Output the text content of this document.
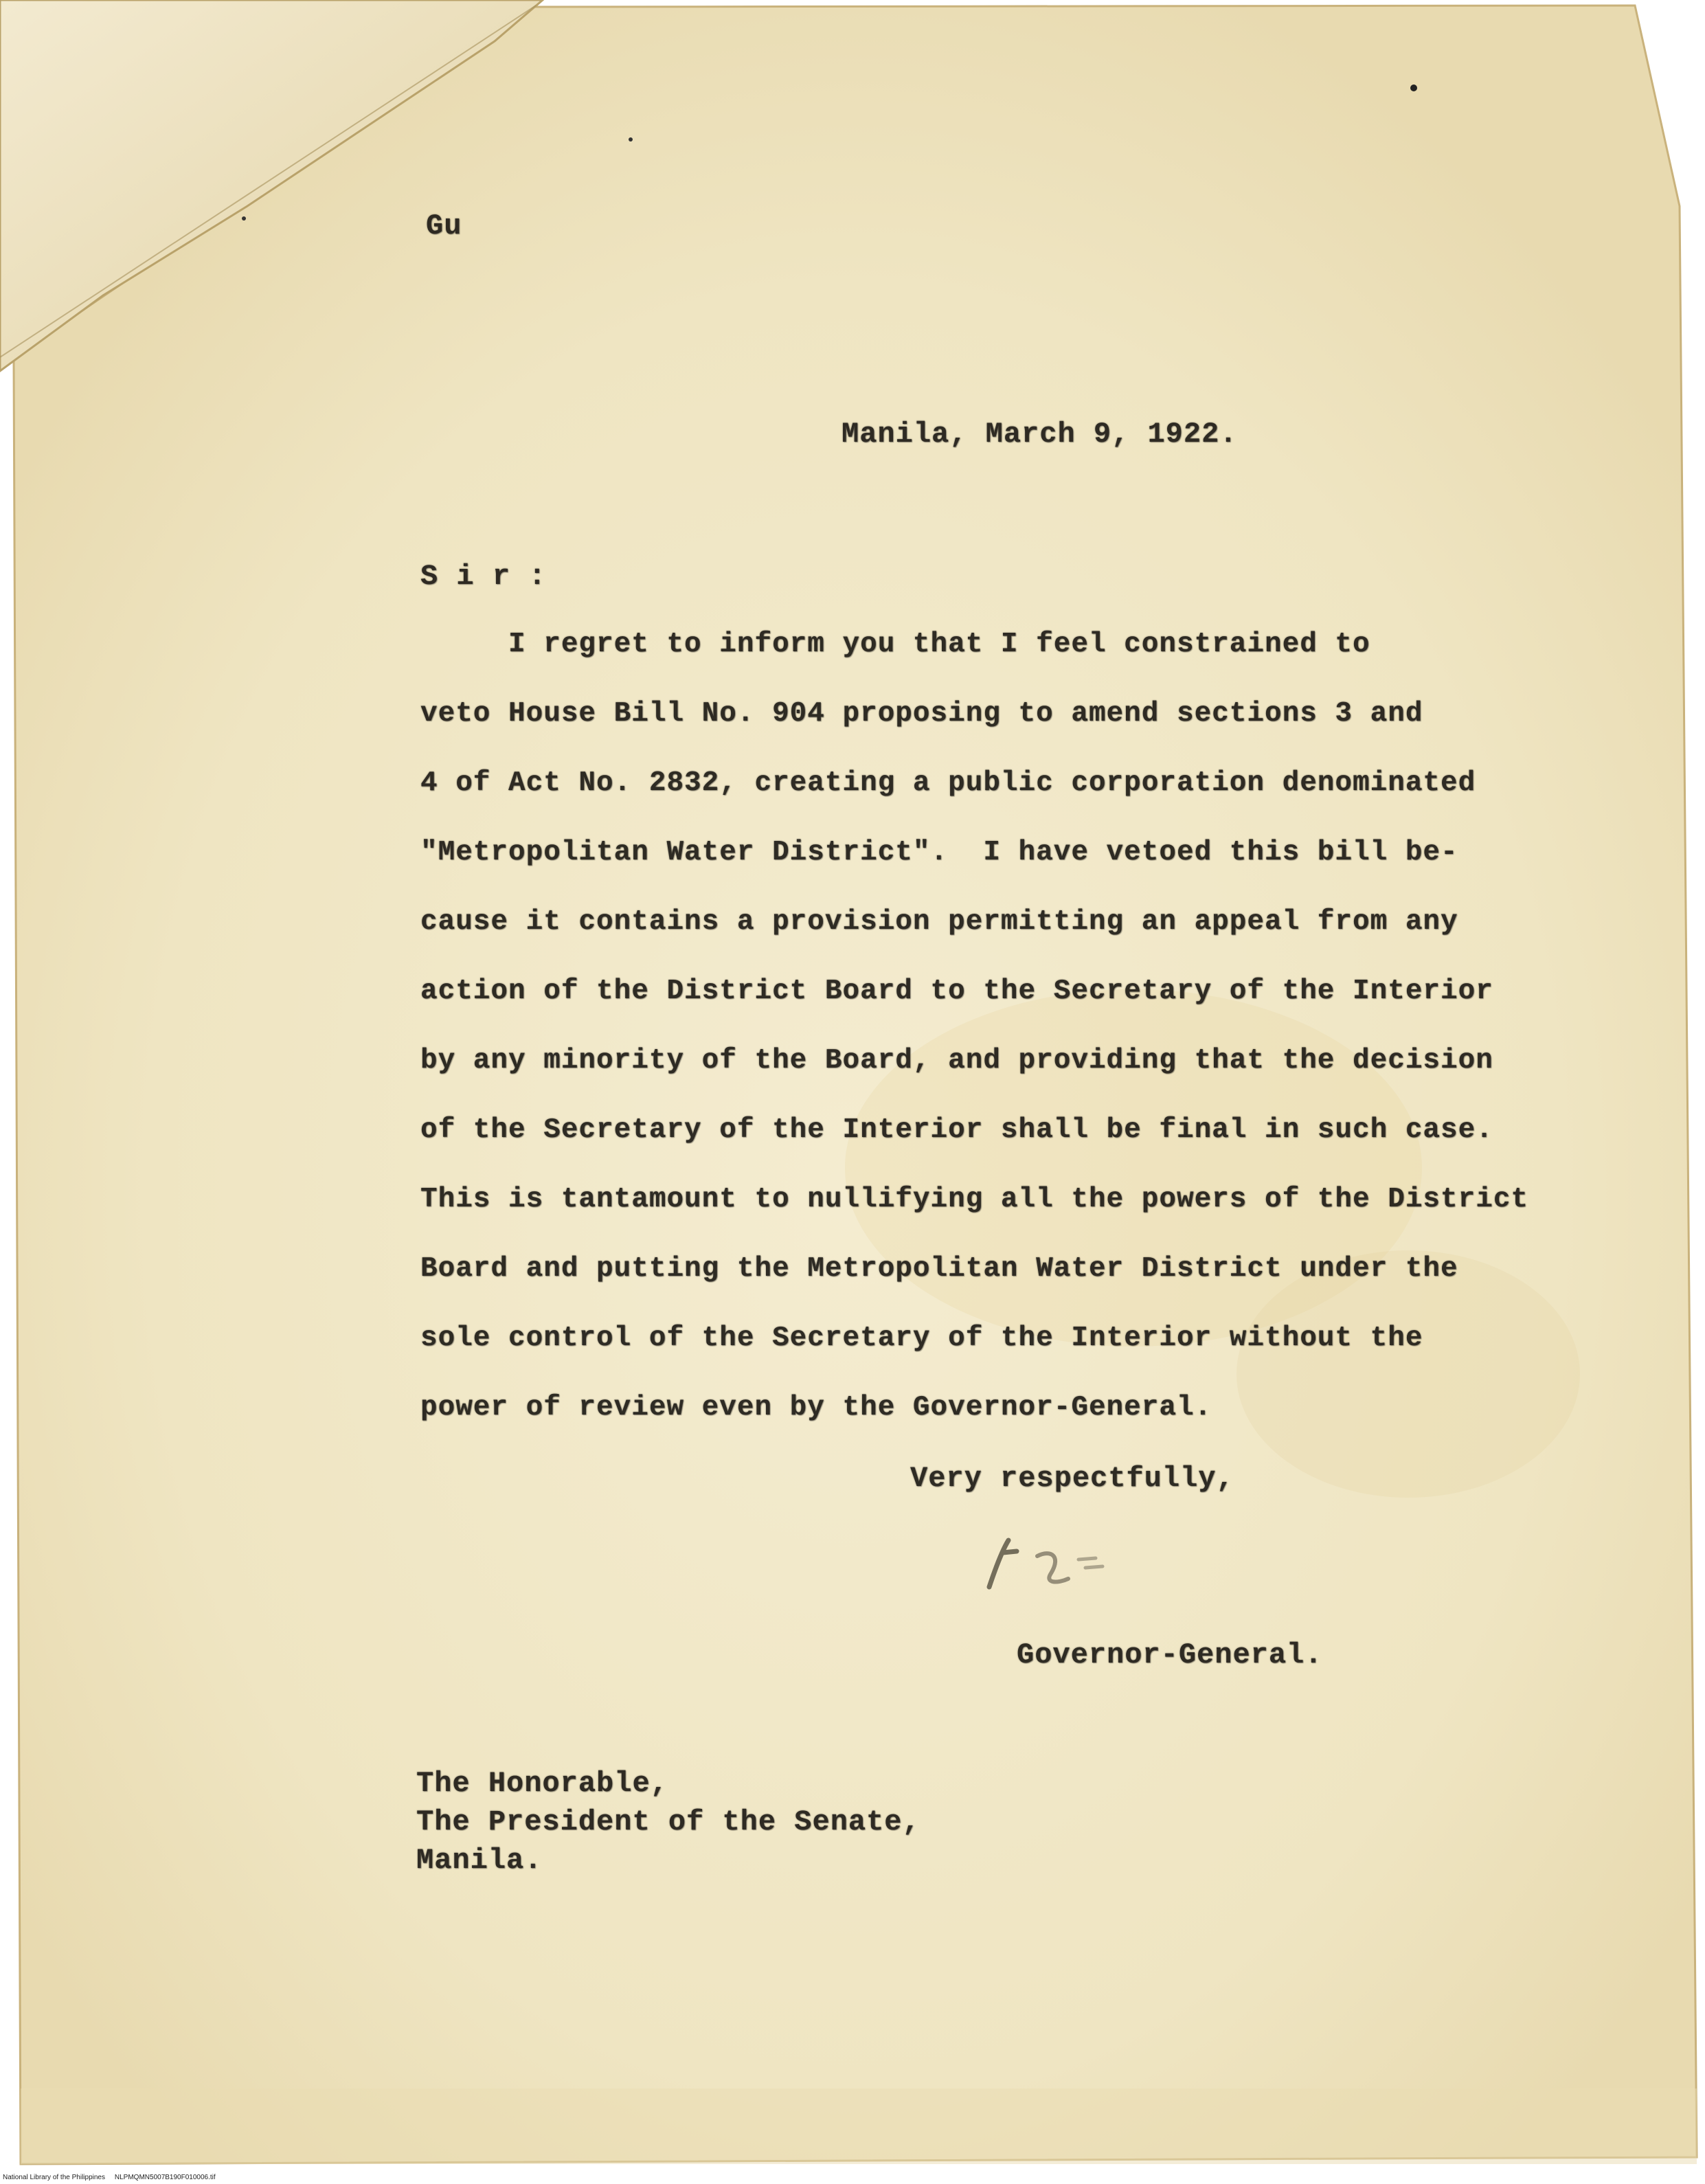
Gu
Manila, March 9, 1922.
S i r :
I regret to inform you that I feel constrained to
veto House Bill No. 904 proposing to amend sections 3 and
4 of Act No. 2832, creating a public corporation denominated
"Metropolitan Water District".  I have vetoed this bill be-
cause it contains a provision permitting an appeal from any
action of the District Board to the Secretary of the Interior
by any minority of the Board, and providing that the decision
of the Secretary of the Interior shall be final in such case.
This is tantamount to nullifying all the powers of the District
Board and putting the Metropolitan Water District under the
sole control of the Secretary of the Interior without the
power of review even by the Governor-General.
Very respectfully,
Governor-General.
The Honorable,
The President of the Senate,
Manila.
National Library of the Philippines NLPMQMN5007B190F010006.tif
